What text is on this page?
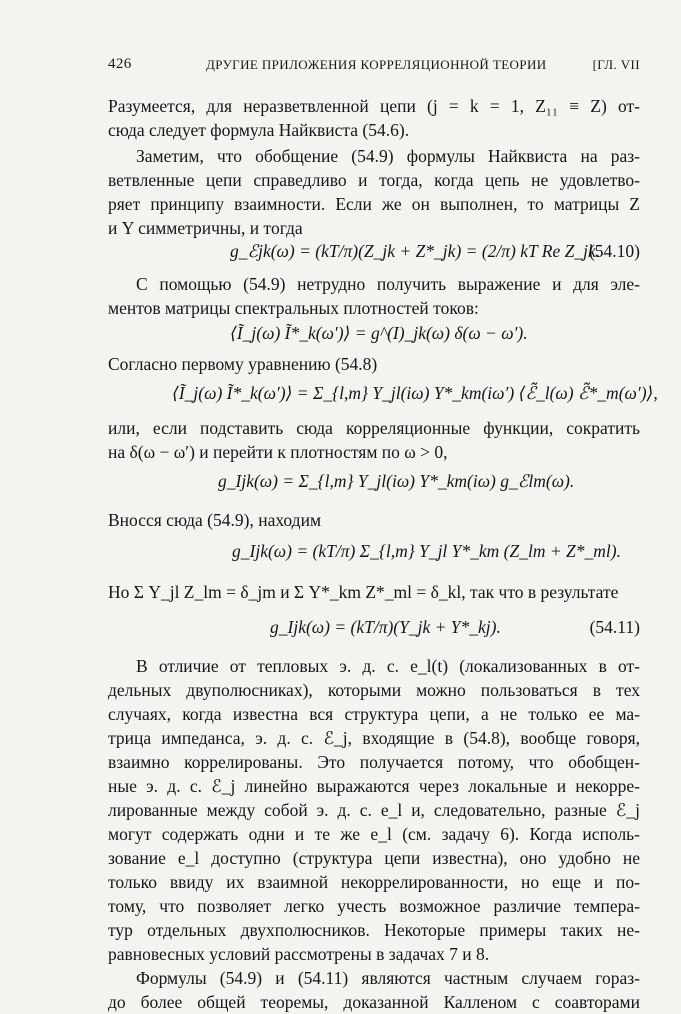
426	ДРУГИЕ ПРИЛОЖЕНИЯ КОРРЕЛЯЦИОННОЙ ТЕОРИИ	[ГЛ. VII
Разумеется, для неразветвленной цепи (j = k = 1, Z₁₁ ≡ Z) от-
сюда следует формула Найквиста (54.6).
Заметим, что обобщение (54.9) формулы Найквиста на раз-
ветвленные цепи справедливо и тогда, когда цепь не удовлетво-
ряет принципу взаимности. Если же он выполнен, то матрицы Z
и Y симметричны, и тогда
g_ℰjk(ω) = (kT/π)(Z_jk + Z*_jk) = (2/π) kT Re Z_jk.
(54.10)
С помощью (54.9) нетрудно получить выражение и для эле-
ментов матрицы спектральных плотностей токов:
⟨Ĩ_j(ω) Ĩ*_k(ω′)⟩ = g^(I)_jk(ω) δ(ω − ω′).
Согласно первому уравнению (54.8)
⟨Ĩ_j(ω) Ĩ*_k(ω′)⟩ = Σ_{l,m} Y_jl(iω) Y*_km(iω′) ⟨ℰ̃_l(ω) ℰ̃*_m(ω′)⟩,
или, если подставить сюда корреляционные функции, сократить
на δ(ω − ω′) и перейти к плотностям по ω > 0,
g_Ijk(ω) = Σ_{l,m} Y_jl(iω) Y*_km(iω) g_ℰlm(ω).
Вносся сюда (54.9), находим
g_Ijk(ω) = (kT/π) Σ_{l,m} Y_jl Y*_km (Z_lm + Z*_ml).
Но Σ Y_jl Z_lm = δ_jm и Σ Y*_km Z*_ml = δ_kl, так что в результате
g_Ijk(ω) = (kT/π)(Y_jk + Y*_kj).	(54.11)
В отличие от тепловых э. д. с. e_l(t) (локализованных в от-
дельных двуполюсниках), которыми можно пользоваться в тех
случаях, когда известна вся структура цепи, а не только ее ма-
трица импеданса, э. д. с. ℰ_j, входящие в (54.8), вообще говоря,
взаимно коррелированы. Это получается потому, что обобщен-
ные э. д. с. ℰ_j линейно выражаются через локальные и некорре-
лированные между собой э. д. с. e_l и, следовательно, разные ℰ_j
могут содержать одни и те же e_l (см. задачу 6). Когда исполь-
зование e_l доступно (структура цепи известна), оно удобно не
только ввиду их взаимной некоррелированности, но еще и по-
тому, что позволяет легко учесть возможное различие темпера-
тур отдельных двухполюсников. Некоторые примеры таких не-
равновесных условий рассмотрены в задачах 7 и 8.
Формулы (54.9) и (54.11) являются частным случаем гораз-
до более общей теоремы, доказанной Калленом с соавторами
